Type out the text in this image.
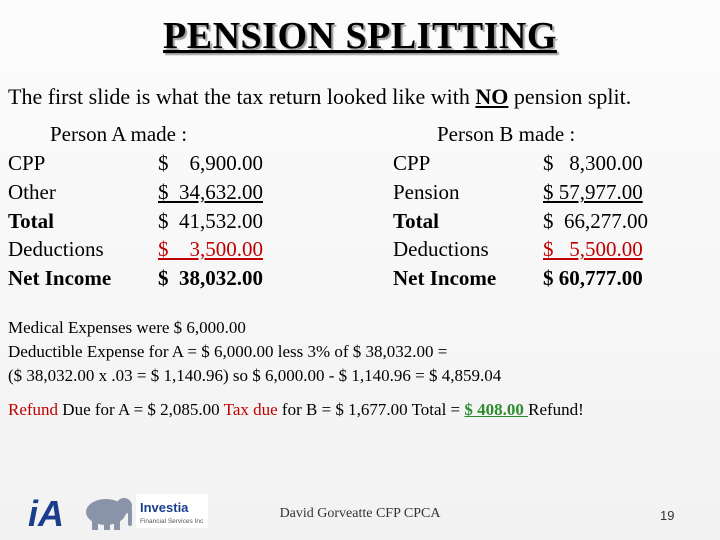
PENSION SPLITTING
The first slide is what the tax return looked like with NO pension split.
Person A made :
CPP	$    6,900.00
Other	$  34,632.00
Total	$  41,532.00
Deductions	$    3,500.00
Net Income $  38,032.00
Person B made :
CPP	$   8,300.00
Pension	$ 57,977.00
Total	$  66,277.00
Deductions	$   5,500.00
Net Income $ 60,777.00
Medical Expenses were $ 6,000.00
Deductible Expense for A = $ 6,000.00 less 3% of $ 38,032.00 =
($ 38,032.00 x .03 = $ 1,140.96) so $ 6,000.00 - $ 1,140.96 = $ 4,859.04
Refund Due for A = $ 2,085.00 Tax due for B = $ 1,677.00 Total = $ 408.00 Refund!
iA	Investia
Financial Services Inc
David Gorveatte CFP CPCA	19
